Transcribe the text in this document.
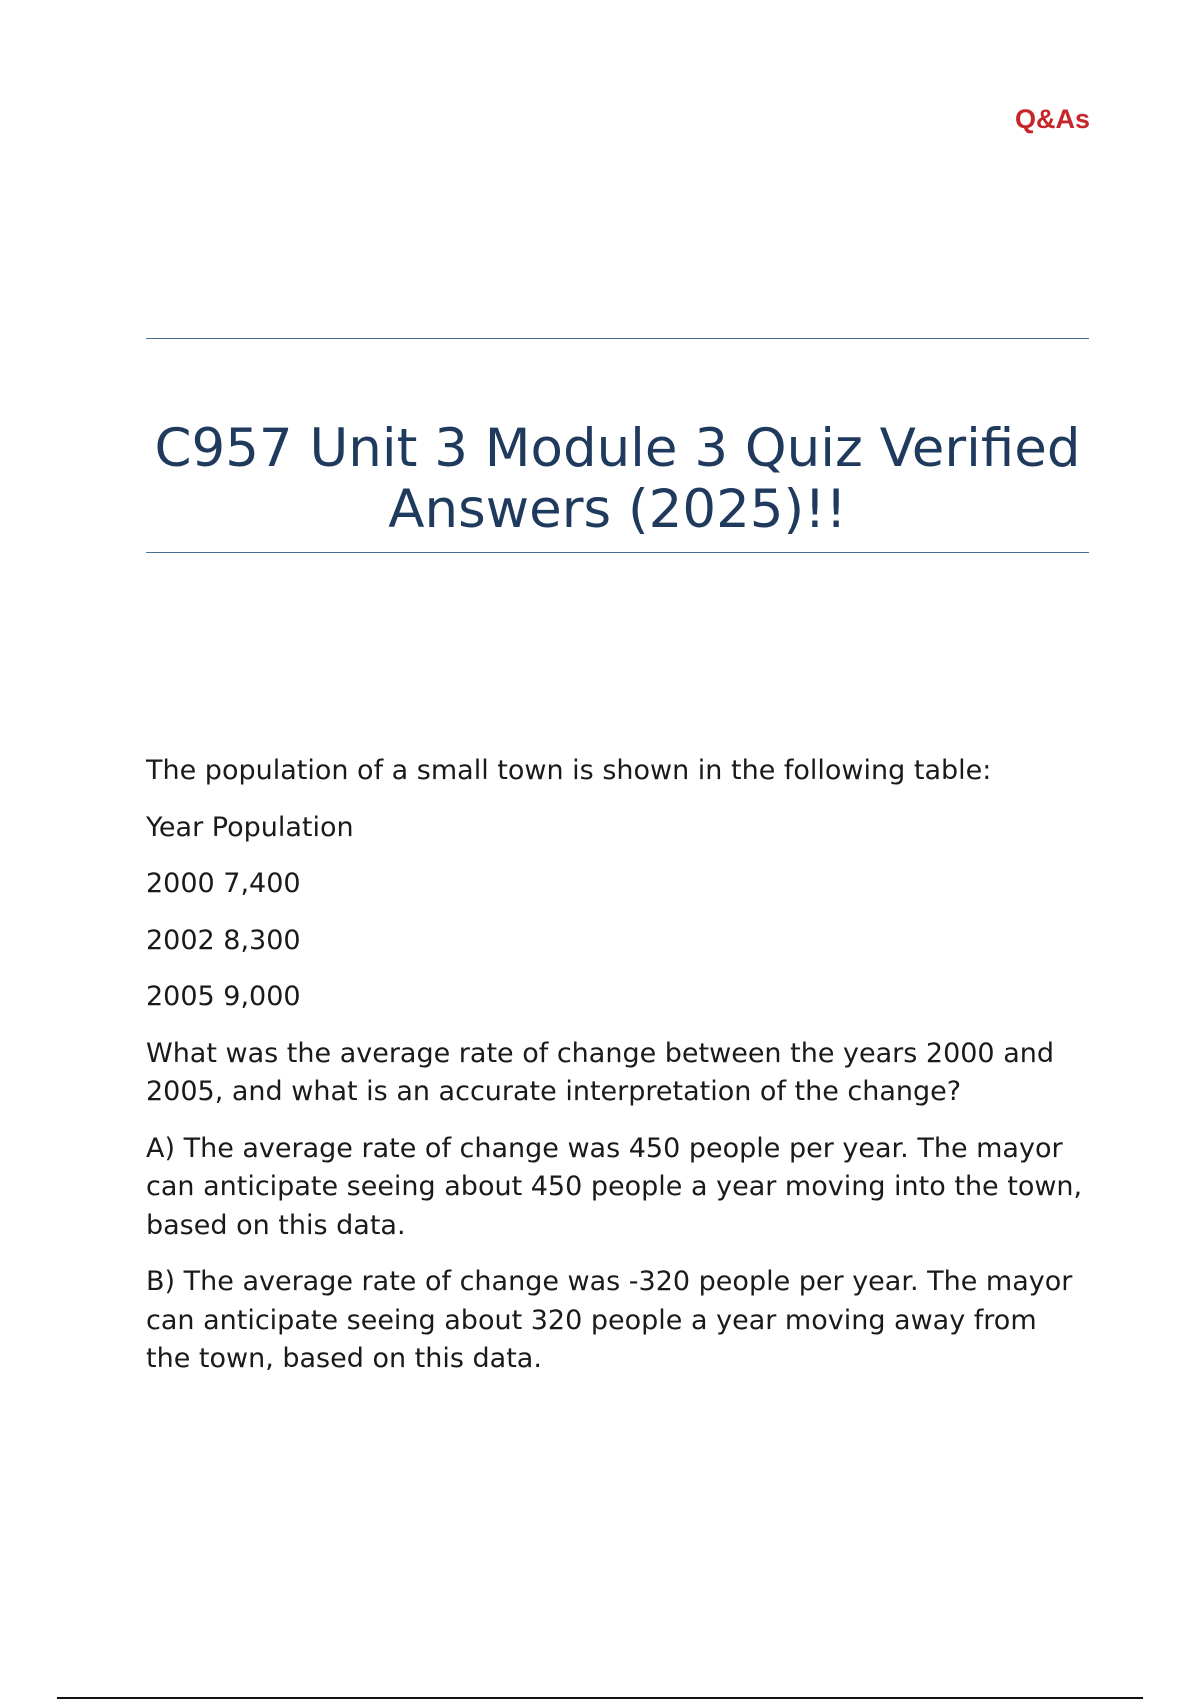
Q&As

C957 Unit 3 Module 3 Quiz Verified Answers (2025)!!

The population of a small town is shown in the following table:

Year Population

2000 7,400

2002 8,300

2005 9,000

What was the average rate of change between the years 2000 and 2005, and what is an accurate interpretation of the change?

A) The average rate of change was 450 people per year. The mayor can anticipate seeing about 450 people a year moving into the town, based on this data.

B) The average rate of change was -320 people per year. The mayor can anticipate seeing about 320 people a year moving away from the town, based on this data.
